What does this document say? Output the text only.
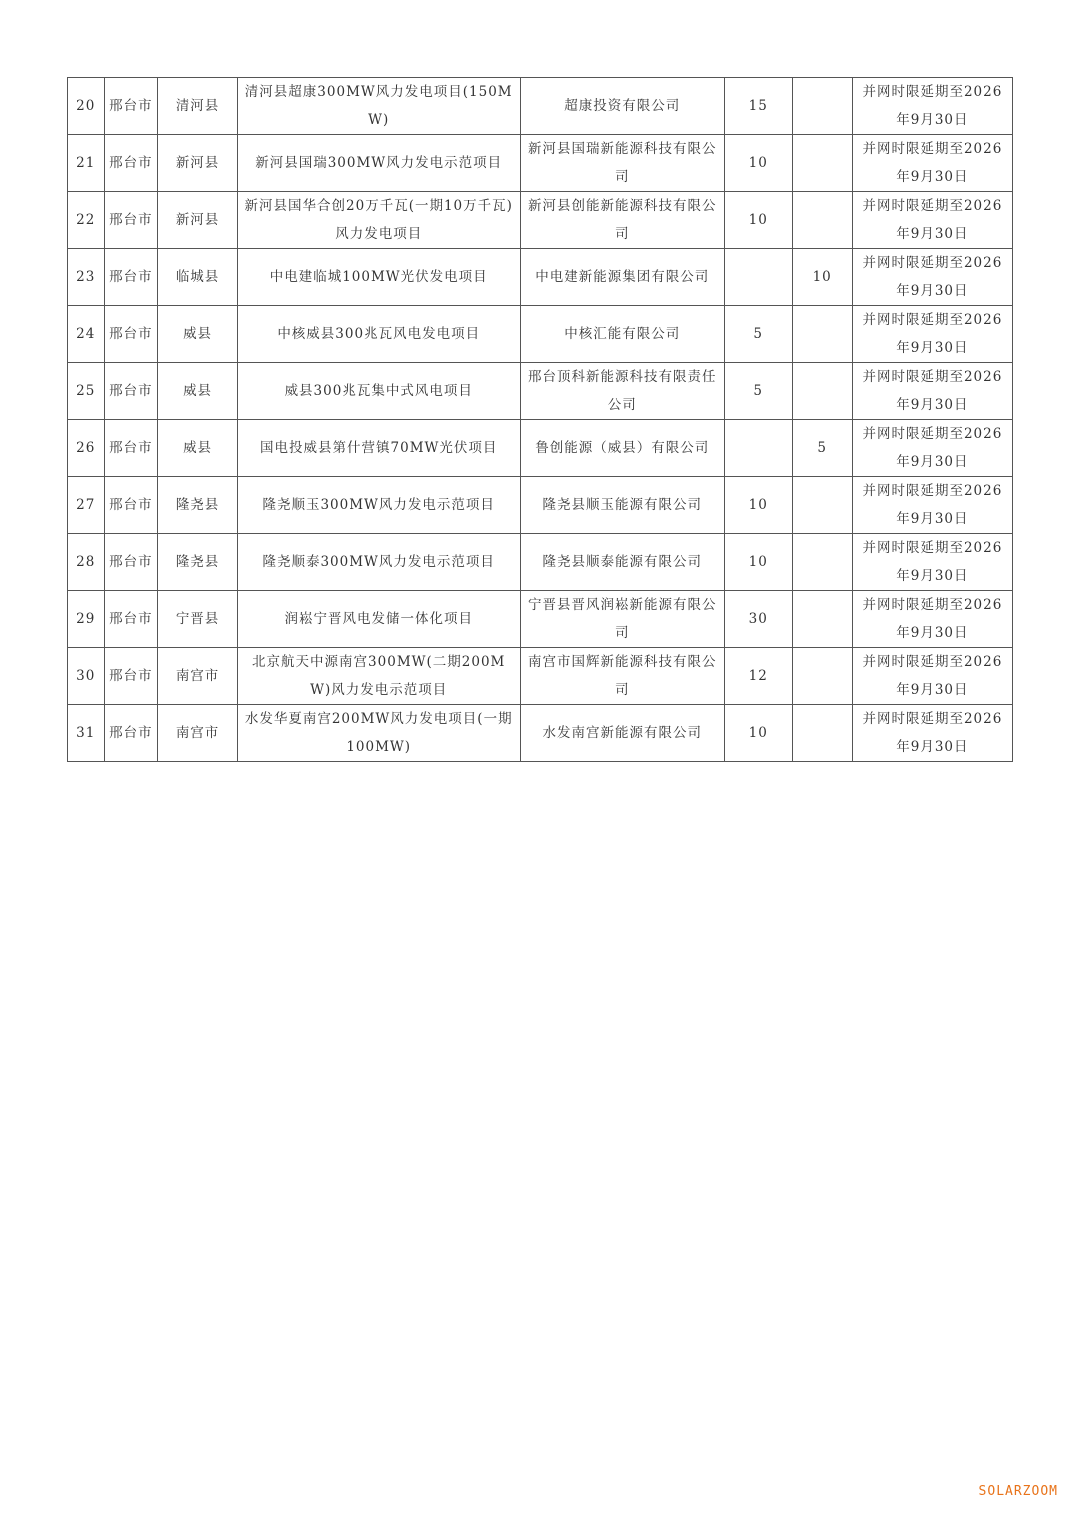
20	邢台市	清河县	清河县超康300MW风力发电项目(150MW)	超康投资有限公司	15		并网时限延期至2026年9月30日
21	邢台市	新河县	新河县国瑞300MW风力发电示范项目	新河县国瑞新能源科技有限公司	10		并网时限延期至2026年9月30日
22	邢台市	新河县	新河县国华合创20万千瓦(一期10万千瓦)风力发电项目	新河县创能新能源科技有限公司	10		并网时限延期至2026年9月30日
23	邢台市	临城县	中电建临城100MW光伏发电项目	中电建新能源集团有限公司		10	并网时限延期至2026年9月30日
24	邢台市	威县	中核威县300兆瓦风电发电项目	中核汇能有限公司	5		并网时限延期至2026年9月30日
25	邢台市	威县	威县300兆瓦集中式风电项目	邢台顶科新能源科技有限责任公司	5		并网时限延期至2026年9月30日
26	邢台市	威县	国电投威县第什营镇70MW光伏项目	鲁创能源（威县）有限公司		5	并网时限延期至2026年9月30日
27	邢台市	隆尧县	隆尧顺玉300MW风力发电示范项目	隆尧县顺玉能源有限公司	10		并网时限延期至2026年9月30日
28	邢台市	隆尧县	隆尧顺泰300MW风力发电示范项目	隆尧县顺泰能源有限公司	10		并网时限延期至2026年9月30日
29	邢台市	宁晋县	润崧宁晋风电发储一体化项目	宁晋县晋风润崧新能源有限公司	30		并网时限延期至2026年9月30日
30	邢台市	南宫市	北京航天中源南宫300MW(二期200MW)风力发电示范项目	南宫市国辉新能源科技有限公司	12		并网时限延期至2026年9月30日
31	邢台市	南宫市	水发华夏南宫200MW风力发电项目(一期100MW)	水发南宫新能源有限公司	10		并网时限延期至2026年9月30日
SOLARZOOM
